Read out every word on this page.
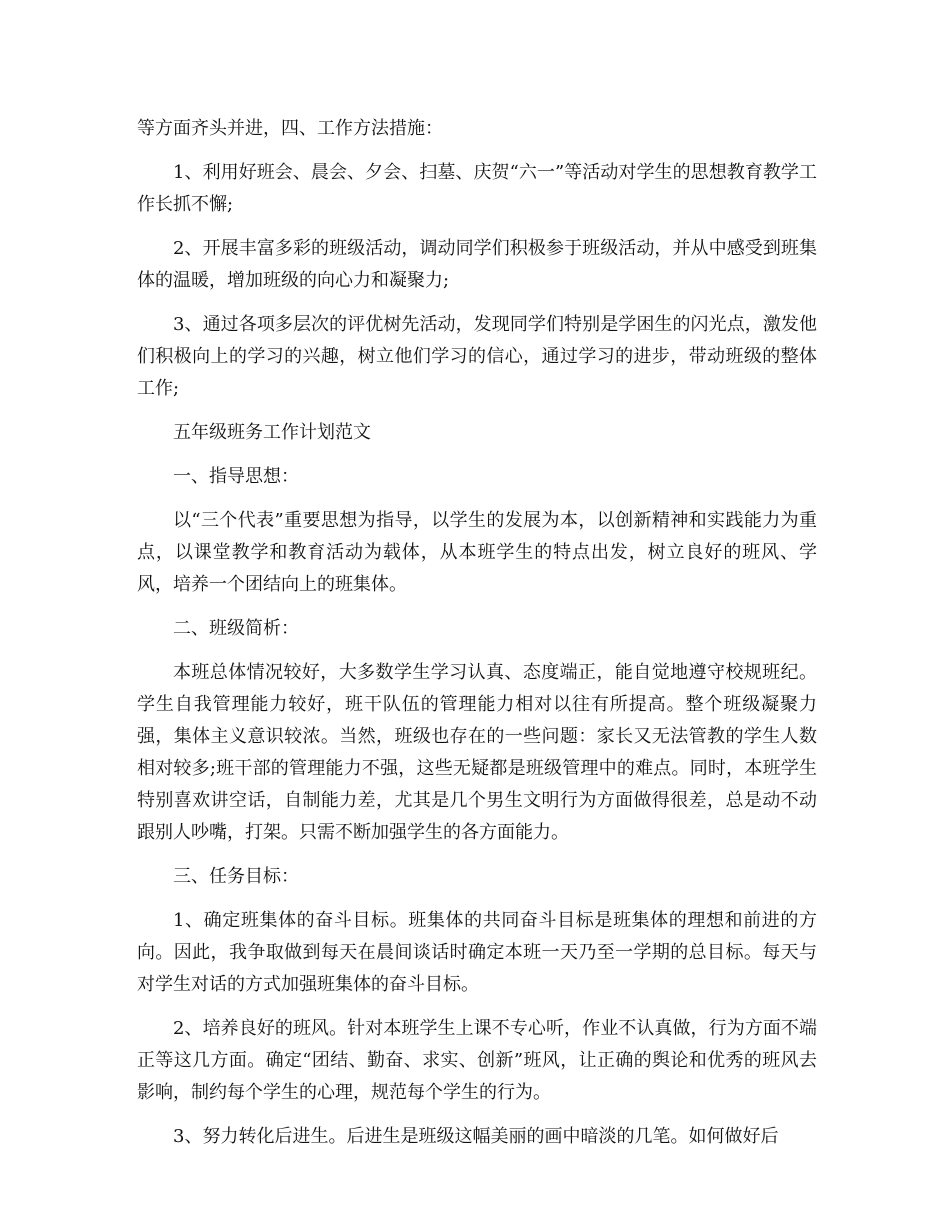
等方面齐头并进，四、工作方法措施：

1、利用好班会、晨会、夕会、扫墓、庆贺“六一”等活动对学生的思想教育教学工作长抓不懈;

2、开展丰富多彩的班级活动，调动同学们积极参于班级活动，并从中感受到班集体的温暖，增加班级的向心力和凝聚力;

3、通过各项多层次的评优树先活动，发现同学们特别是学困生的闪光点，激发他们积极向上的学习的兴趣，树立他们学习的信心，通过学习的进步，带动班级的整体工作;

五年级班务工作计划范文

一、指导思想：

以“三个代表”重要思想为指导，以学生的发展为本，以创新精神和实践能力为重点，以课堂教学和教育活动为载体，从本班学生的特点出发，树立良好的班风、学风，培养一个团结向上的班集体。

二、班级简析：

本班总体情况较好，大多数学生学习认真、态度端正，能自觉地遵守校规班纪。学生自我管理能力较好，班干队伍的管理能力相对以往有所提高。整个班级凝聚力强，集体主义意识较浓。当然，班级也存在的一些问题：家长又无法管教的学生人数相对较多;班干部的管理能力不强，这些无疑都是班级管理中的难点。同时，本班学生特别喜欢讲空话，自制能力差，尤其是几个男生文明行为方面做得很差，总是动不动跟别人吵嘴，打架。只需不断加强学生的各方面能力。

三、任务目标：

1、确定班集体的奋斗目标。班集体的共同奋斗目标是班集体的理想和前进的方向。因此，我争取做到每天在晨间谈话时确定本班一天乃至一学期的总目标。每天与对学生对话的方式加强班集体的奋斗目标。

2、培养良好的班风。针对本班学生上课不专心听，作业不认真做，行为方面不端正等这几方面。确定“团结、勤奋、求实、创新”班风，让正确的舆论和优秀的班风去影响，制约每个学生的心理，规范每个学生的行为。

3、努力转化后进生。后进生是班级这幅美丽的画中暗淡的几笔。如何做好后
